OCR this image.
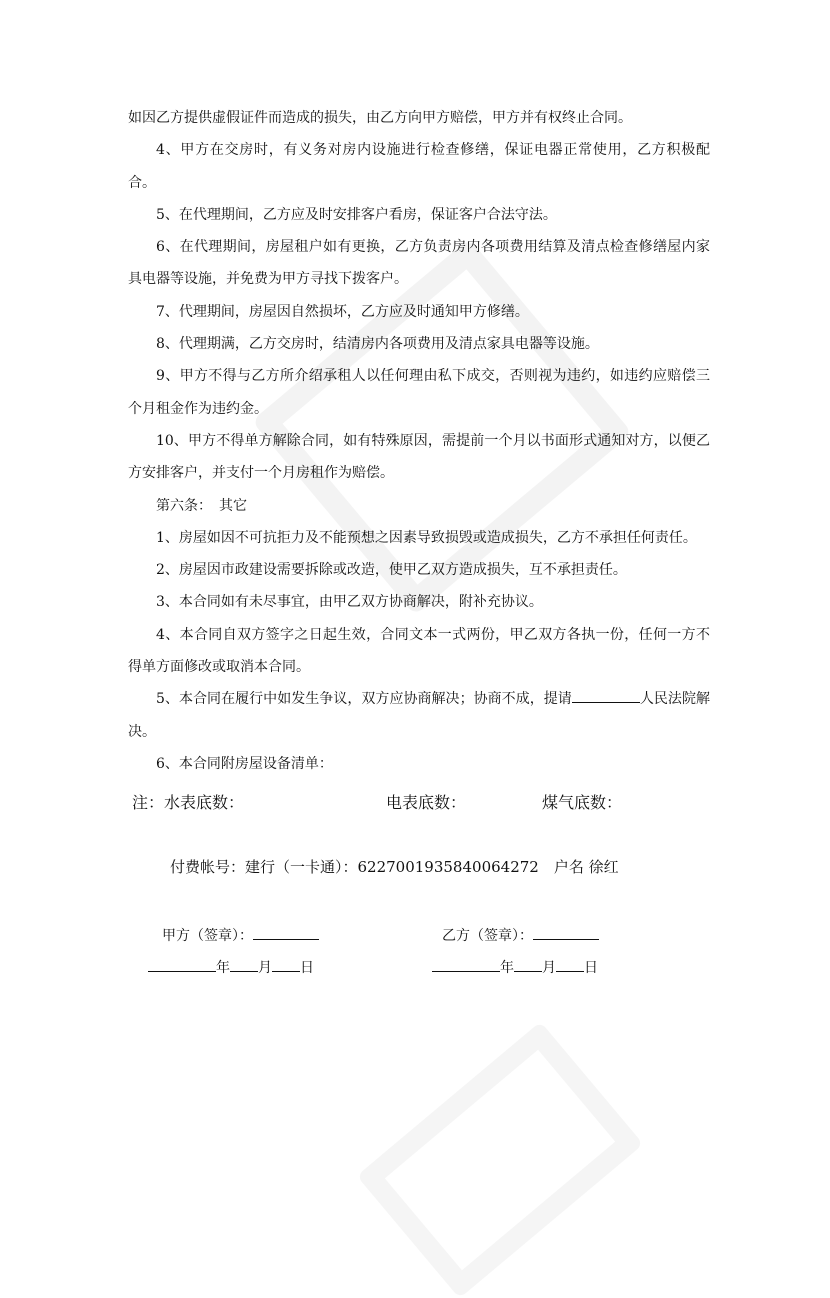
如因乙方提供虚假证件而造成的损失，由乙方向甲方赔偿，甲方并有权终止合同。

4、甲方在交房时，有义务对房内设施进行检查修缮，保证电器正常使用，乙方积极配合。

5、在代理期间，乙方应及时安排客户看房，保证客户合法守法。

6、在代理期间，房屋租户如有更换，乙方负责房内各项费用结算及清点检查修缮屋内家具电器等设施，并免费为甲方寻找下拨客户。

7、代理期间，房屋因自然损坏，乙方应及时通知甲方修缮。

8、代理期满，乙方交房时，结清房内各项费用及清点家具电器等设施。

9、甲方不得与乙方所介绍承租人以任何理由私下成交，否则视为违约，如违约应赔偿三个月租金作为违约金。

10、甲方不得单方解除合同，如有特殊原因，需提前一个月以书面形式通知对方，以便乙方安排客户，并支付一个月房租作为赔偿。

第六条：　其它

1、房屋如因不可抗拒力及不能预想之因素导致损毁或造成损失，乙方不承担任何责任。

2、房屋因市政建设需要拆除或改造，使甲乙双方造成损失，互不承担责任。

3、本合同如有未尽事宜，由甲乙双方协商解决，附补充协议。

4、本合同自双方签字之日起生效，合同文本一式两份，甲乙双方各执一份，任何一方不得单方面修改或取消本合同。

5、本合同在履行中如发生争议，双方应协商解决；协商不成，提请	人民法院解决。

6、本合同附房屋设备清单：

注：水表底数：	电表底数：	煤气底数：
付费帐号：建行（一卡通）：6227001935840064272　户名 徐红
甲方（签章）：	乙方（签章）：
年 月 日	年 月 日
